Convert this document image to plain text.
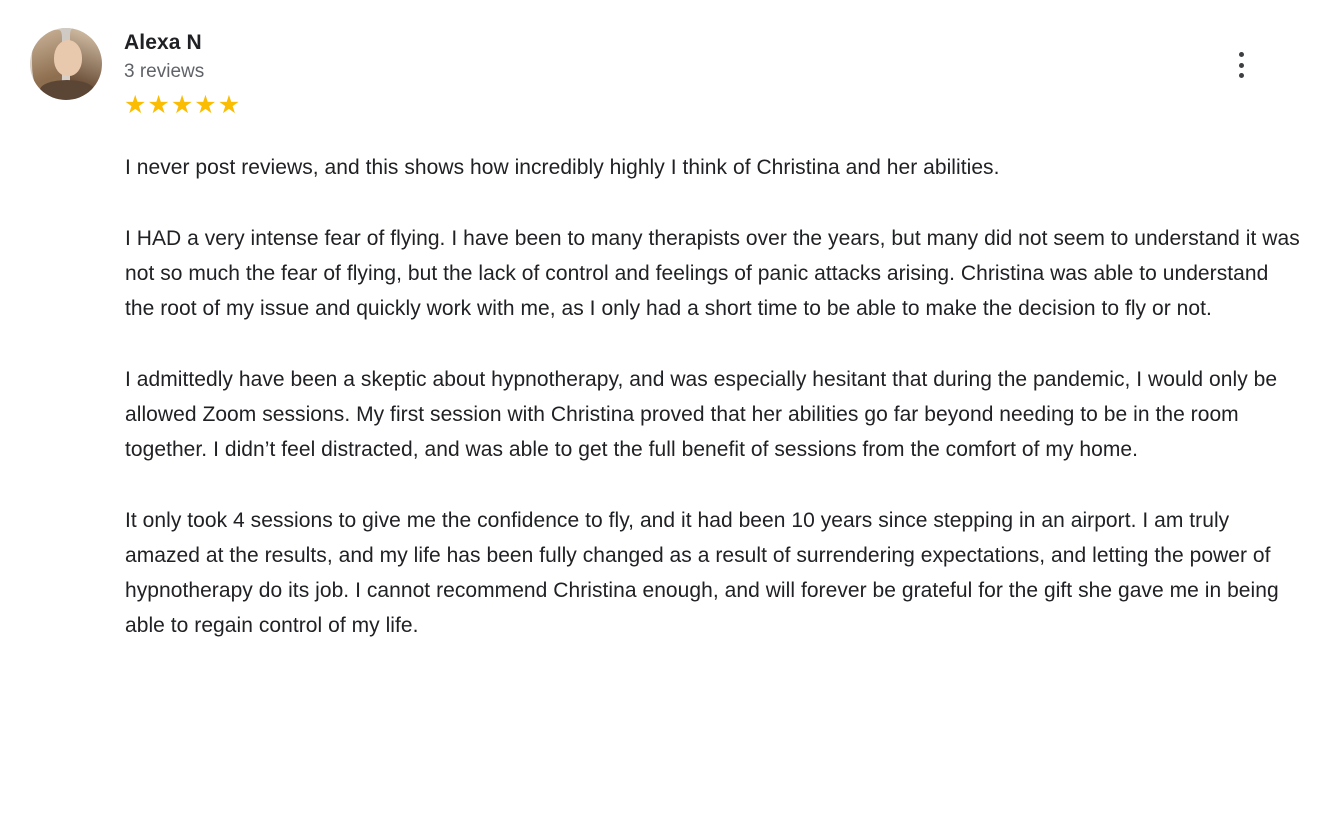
Alexa N
3 reviews
★★★★★

I never post reviews, and this shows how incredibly highly I think of Christina and her abilities.

I HAD a very intense fear of flying. I have been to many therapists over the years, but many did not seem to understand it was not so much the fear of flying, but the lack of control and feelings of panic attacks arising. Christina was able to understand the root of my issue and quickly work with me, as I only had a short time to be able to make the decision to fly or not.

I admittedly have been a skeptic about hypnotherapy, and was especially hesitant that during the pandemic, I would only be allowed Zoom sessions. My first session with Christina proved that her abilities go far beyond needing to be in the room together. I didn’t feel distracted, and was able to get the full benefit of sessions from the comfort of my home.

It only took 4 sessions to give me the confidence to fly, and it had been 10 years since stepping in an airport. I am truly amazed at the results, and my life has been fully changed as a result of surrendering expectations, and letting the power of hypnotherapy do its job. I cannot recommend Christina enough, and will forever be grateful for the gift she gave me in being able to regain control of my life.
